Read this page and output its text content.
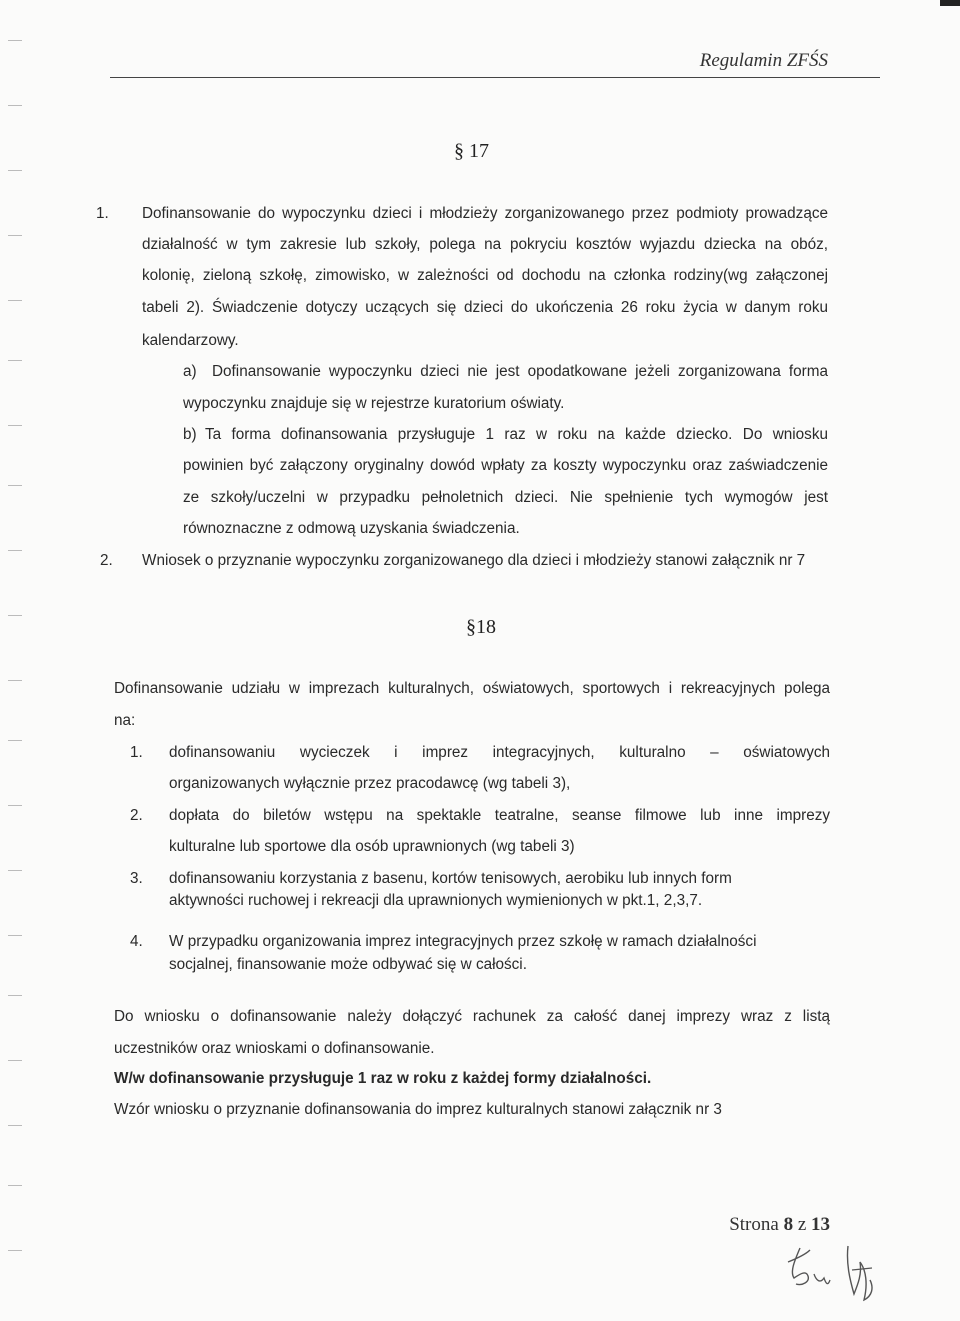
Regulamin ZFŚS
§ 17
1. Dofinansowanie do wypoczynku dzieci i młodzieży zorganizowanego przez podmioty prowadzące
działalność w tym zakresie lub szkoły, polega na pokryciu kosztów wyjazdu dziecka na obóz,
kolonię, zieloną szkołę, zimowisko, w zależności od dochodu na członka rodziny(wg załączonej
tabeli 2). Świadczenie dotyczy uczących się dzieci do ukończenia 26 roku życia w danym roku
kalendarzowy.
a) Dofinansowanie wypoczynku dzieci nie jest opodatkowane jeżeli zorganizowana forma
wypoczynku znajduje się w rejestrze kuratorium oświaty.
b) Ta forma dofinansowania przysługuje 1 raz w roku na każde dziecko. Do wniosku
powinien być załączony oryginalny dowód wpłaty za koszty wypoczynku oraz zaświadczenie
ze szkoły/uczelni w przypadku pełnoletnich dzieci. Nie spełnienie tych wymogów jest
równoznaczne z odmową uzyskania świadczenia.
2. Wniosek o przyznanie wypoczynku zorganizowanego dla dzieci i młodzieży stanowi załącznik nr 7
§18
Dofinansowanie udziału w imprezach kulturalnych, oświatowych, sportowych i rekreacyjnych polega
na:
1. dofinansowaniu wycieczek i imprez integracyjnych, kulturalno – oświatowych
organizowanych wyłącznie przez pracodawcę (wg tabeli 3),
2. dopłata do biletów wstępu na spektakle teatralne, seanse filmowe lub inne imprezy
kulturalne lub sportowe dla osób uprawnionych (wg tabeli 3)
3. dofinansowaniu korzystania z basenu, kortów tenisowych, aerobiku lub innych form
aktywności ruchowej i rekreacji dla uprawnionych wymienionych w pkt.1, 2,3,7.
4. W przypadku organizowania imprez integracyjnych przez szkołę w ramach działalności
socjalnej, finansowanie może odbywać się w całości.
Do wniosku o dofinansowanie należy dołączyć rachunek za całość danej imprezy wraz z listą
uczestników oraz wnioskami o dofinansowanie.
W/w dofinansowanie przysługuje 1 raz w roku z każdej formy działalności.
Wzór wniosku o przyznanie dofinansowania do imprez kulturalnych stanowi załącznik nr 3
Strona 8 z 13
